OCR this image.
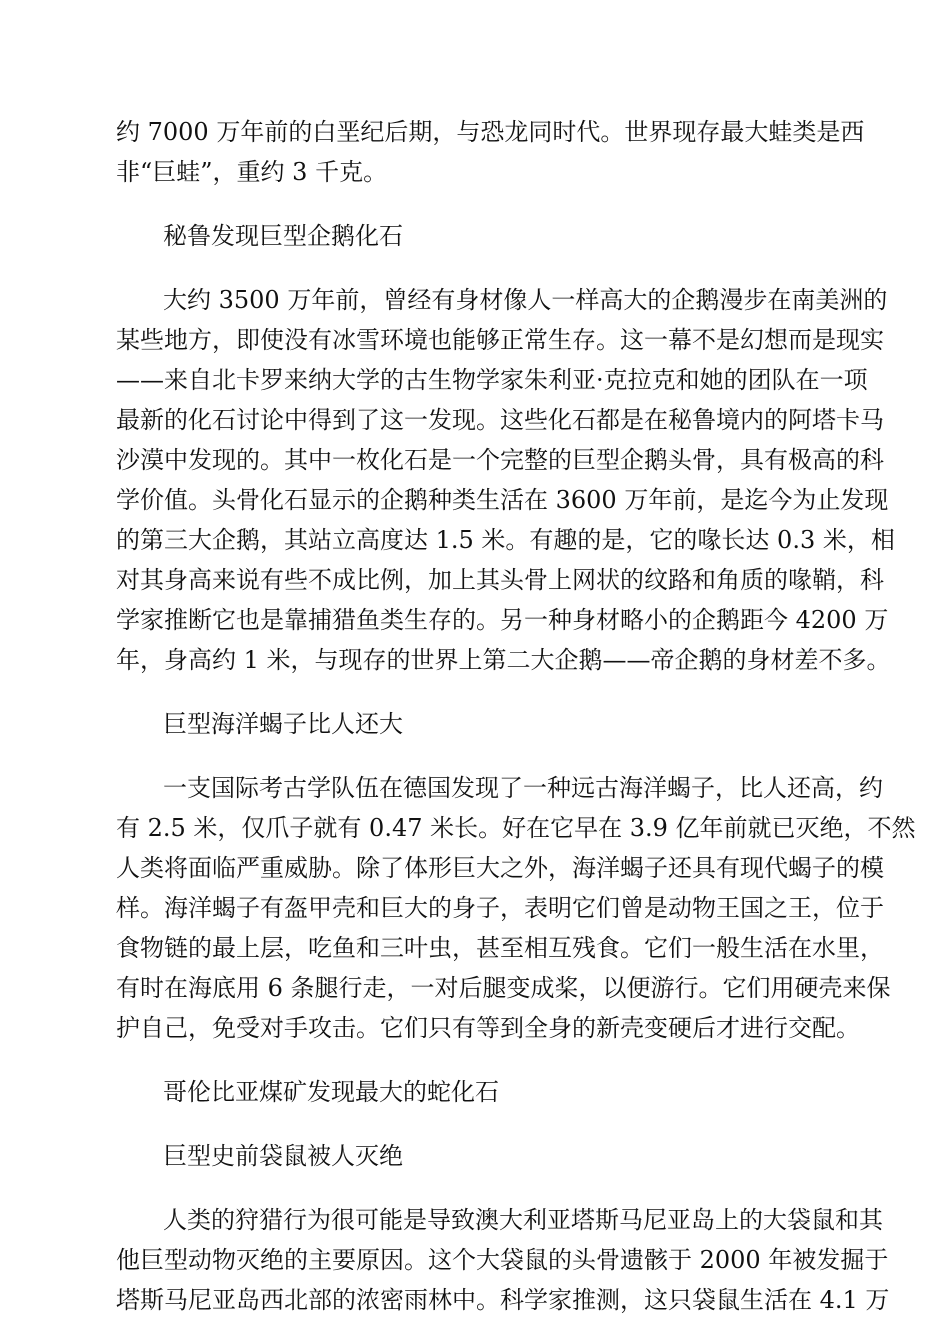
约 7000 万年前的白垩纪后期，与恐龙同时代。世界现存最大蛙类是西
非“巨蛙”，重约 3 千克。
秘鲁发现巨型企鹅化石
大约 3500 万年前，曾经有身材像人一样高大的企鹅漫步在南美洲的
某些地方，即使没有冰雪环境也能够正常生存。这一幕不是幻想而是现实
——来自北卡罗来纳大学的古生物学家朱利亚·克拉克和她的团队在一项
最新的化石讨论中得到了这一发现。这些化石都是在秘鲁境内的阿塔卡马
沙漠中发现的。其中一枚化石是一个完整的巨型企鹅头骨，具有极高的科
学价值。头骨化石显示的企鹅种类生活在 3600 万年前，是迄今为止发现
的第三大企鹅，其站立高度达 1.5 米。有趣的是，它的喙长达 0.3 米，相
对其身高来说有些不成比例，加上其头骨上网状的纹路和角质的喙鞘，科
学家推断它也是靠捕猎鱼类生存的。另一种身材略小的企鹅距今 4200 万
年，身高约 1 米，与现存的世界上第二大企鹅——帝企鹅的身材差不多。
巨型海洋蝎子比人还大
一支国际考古学队伍在德国发现了一种远古海洋蝎子，比人还高，约
有 2.5 米，仅爪子就有 0.47 米长。好在它早在 3.9 亿年前就已灭绝，不然
人类将面临严重威胁。除了体形巨大之外，海洋蝎子还具有现代蝎子的模
样。海洋蝎子有盔甲壳和巨大的身子，表明它们曾是动物王国之王，位于
食物链的最上层，吃鱼和三叶虫，甚至相互残食。它们一般生活在水里，
有时在海底用 6 条腿行走，一对后腿变成桨，以便游行。它们用硬壳来保
护自己，免受对手攻击。它们只有等到全身的新壳变硬后才进行交配。
哥伦比亚煤矿发现最大的蛇化石
巨型史前袋鼠被人灭绝
人类的狩猎行为很可能是导致澳大利亚塔斯马尼亚岛上的大袋鼠和其
他巨型动物灭绝的主要原因。这个大袋鼠的头骨遗骸于 2000 年被发掘于
塔斯马尼亚岛西北部的浓密雨林中。科学家推测，这只袋鼠生活在 4.1 万
